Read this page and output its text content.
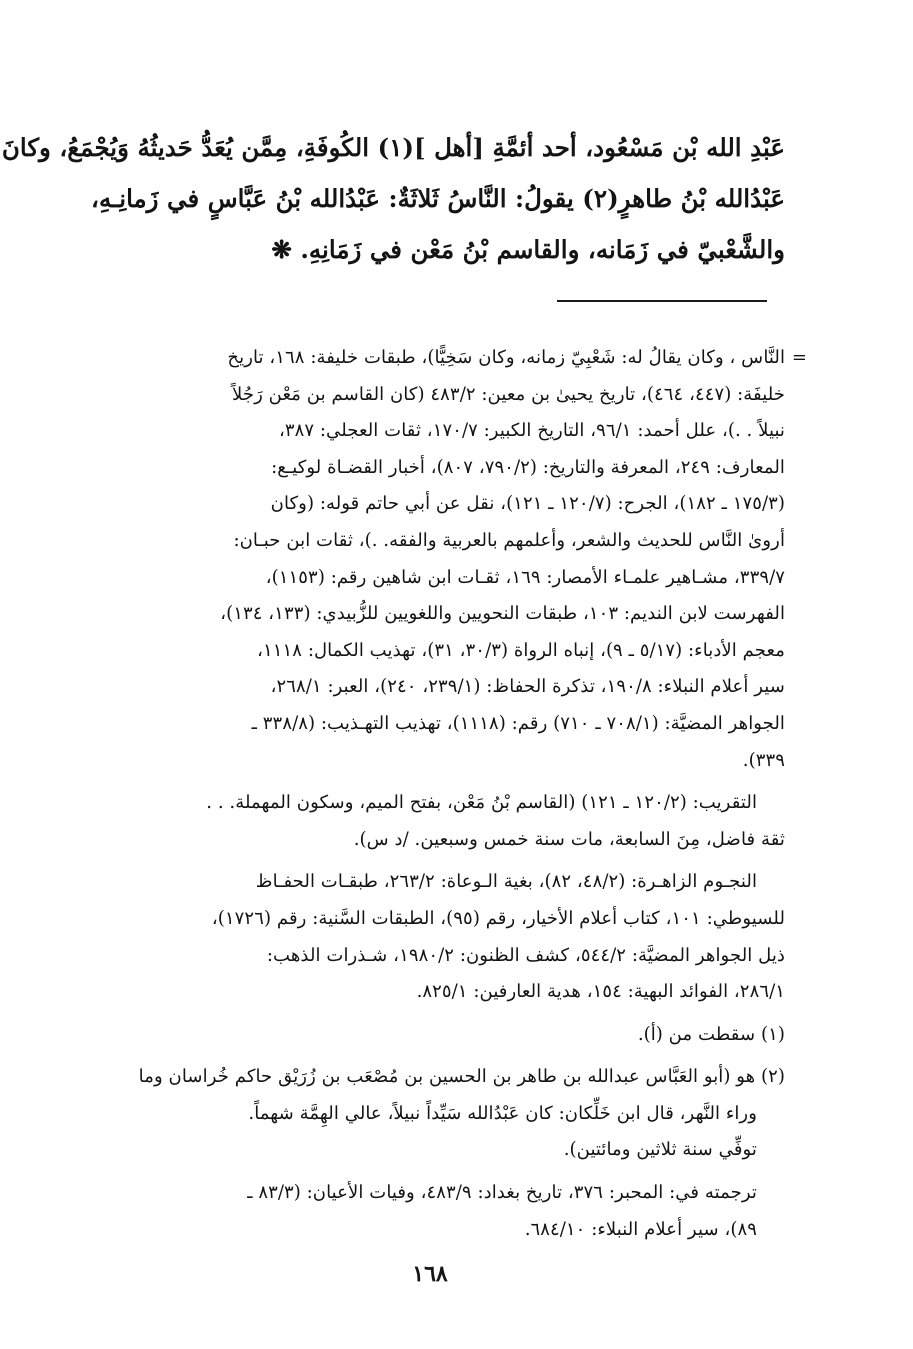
عَبْدِ الله بْن مَسْعُود، أحد أئمَّةِ [أهل ](١) الكُوفَةِ، مِمَّن يُعَدُّ حَديثُهُ وَيُجْمَعُ، وكانَ

عَبْدُالله بْنُ طاهرٍ(٢) يقولُ: النَّاسُ ثَلاثَةٌ: عَبْدُالله بْنُ عَبَّاسٍ في زَمانِـهِ،

والشَّعْبيّ في زَمَانه، والقاسم بْنُ مَعْن في زَمَانِهِ. ❋

=

النَّاس ، وكان يقالُ له: شَعْبِيّ زمانه، وكان سَخِيًّا)، طبقات خليفة: ١٦٨، تاريخ

خليفَة: (٤٤٧، ٤٦٤)، تاريخ يحيىٰ بن معين: ٤٨٣/٢ (كان القاسم بن مَعْن رَجُلاً

نبيلاً . .)، علل أحمد: ٩٦/١، التاريخ الكبير: ١٧٠/٧، ثقات العجلي: ٣٨٧،

المعارف: ٢٤٩، المعرفة والتاريخ: (٧٩٠/٢، ٨٠٧)، أخبار القضـاة لوكيـع:

(١٧٥/٣ ـ ١٨٢)، الجرح: (١٢٠/٧ ـ ١٢١)، نقل عن أبي حاتم قوله: (وكان

أروىٰ النَّاس للحديث والشعر، وأعلمهم بالعربية والفقه. .)، ثقات ابن حبـان:

٣٣٩/٧، مشـاهير علمـاء الأمصار: ١٦٩، ثقـات ابن شاهين رقم: (١١٥٣)،

الفهرست لابن النديم: ١٠٣، طبقات النحويين واللغويين للزُّبيدي: (١٣٣، ١٣٤)،

معجم الأدباء: (٥/١٧ ـ ٩)، إنباه الرواة (٣٠/٣، ٣١)، تهذيب الكمال: ١١١٨،

سير أعلام النبلاء: ١٩٠/٨، تذكرة الحفاظ: (٢٣٩/١، ٢٤٠)، العبر: ٢٦٨/١،

الجواهر المضيَّة: (٧٠٨/١ ـ ٧١٠) رقم: (١١١٨)، تهذيب التهـذيب: (٣٣٨/٨ ـ

٣٣٩).

التقريب: (١٢٠/٢ ـ ١٢١) (القاسم بْنُ مَعْن، بفتح الميم، وسكون المهملة. . .

ثقة فاضل، مِنَ السابعة، مات سنة خمس وسبعين. /د س).

النجـوم الزاهـرة: (٤٨/٢، ٨٢)، بغية الـوعاة: ٢٦٣/٢، طبقـات الحفـاظ

للسيوطي: ١٠١، كتاب أعلام الأخيار، رقم (٩٥)، الطبقات السَّنية: رقم (١٧٢٦)،

ذيل الجواهر المضيَّة: ٥٤٤/٢، كشف الظنون: ١٩٨٠/٢، شـذرات الذهب:

٢٨٦/١، الفوائد البهية: ١٥٤، هدية العارفين: ٨٢٥/١.

(١) سقطت من (أ).

(٢) هو (أبو العَبَّاس عبدالله بن طاهر بن الحسين بن مُصْعَب بن زُرَيْق حاكم خُراسان وما

وراء النَّهر، قال ابن خَلِّكان: كان عَبْدُالله سَيِّداً نبيلاً، عالي الهِمَّة شهماً.

توفِّي سنة ثلاثين ومائتين).

ترجمته في: المحبر: ٣٧٦، تاريخ بغداد: ٤٨٣/٩، وفيات الأعيان: (٨٣/٣ ـ

٨٩)، سير أعلام النبلاء: ٦٨٤/١٠.

١٦٨
